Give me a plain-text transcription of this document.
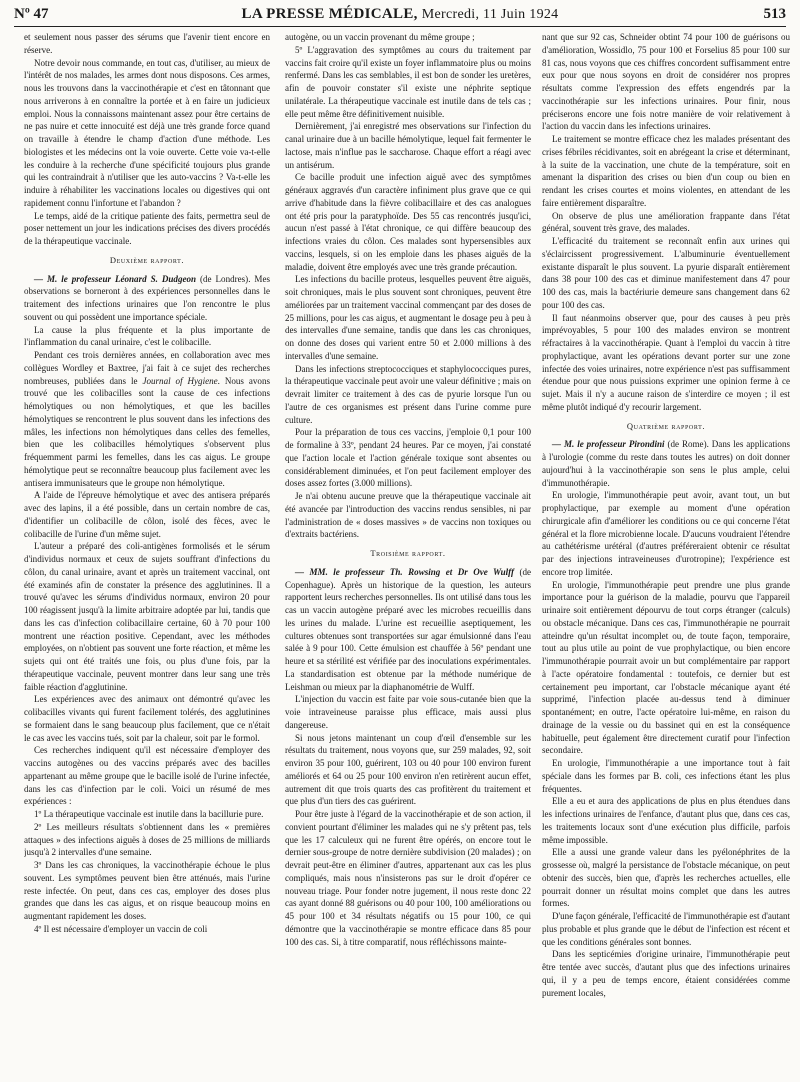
Nº 47	LA PRESSE MÉDICALE, Mercredi, 11 Juin 1924	513

et seulement nous passer des sérums que l'avenir tient encore en réserve.

Notre devoir nous commande, en tout cas, d'utiliser, au mieux de l'intérêt de nos malades, les armes dont nous disposons. Ces armes, nous les trouvons dans la vaccinothérapie et c'est en tâtonnant que nous arriverons à en connaître la portée et à en faire un judicieux emploi. Nous la connaissons maintenant assez pour être certains de ne pas nuire et cette innocuité est déjà une très grande force quand on travaille à étendre le champ d'action d'une méthode. Les biologistes et les médecins ont la voie ouverte. Cette voie va-t-elle les conduire à la recherche d'une spécificité toujours plus grande qui les contraindrait à n'utiliser que les auto-vaccins ? Va-t-elle les induire à réhabiliter les vaccinations locales ou digestives qui ont rapidement connu l'infortune et l'abandon ?

Le temps, aidé de la critique patiente des faits, permettra seul de poser nettement un jour les indications précises des divers procédés de la thérapeutique vaccinale.

Deuxième rapport.

— M. le professeur Léonard S. Dudgeon (de Londres). Mes observations se borneront à des expériences personnelles dans le traitement des infections urinaires que l'on rencontre le plus souvent ou qui possèdent une importance spéciale.

La cause la plus fréquente et la plus importante de l'inflammation du canal urinaire, c'est le colibacille.

Pendant ces trois dernières années, en collaboration avec mes collègues Wordley et Baxtree, j'ai fait à ce sujet des recherches nombreuses, publiées dans le Journal of Hygiene. Nous avons trouvé que les colibacilles sont la cause de ces infections hémolytiques ou non hémolytiques, et que les bacilles hémolytiques se rencontrent le plus souvent dans les infections des mâles, les infections non hémolytiques dans celles des femelles, bien que les colibacilles hémolytiques s'observent plus fréquemment parmi les femelles, dans les cas aigus. Le groupe hémolytique peut se reconnaître beaucoup plus facilement avec les antisera immunisateurs que le groupe non hémolytique.

A l'aide de l'épreuve hémolytique et avec des antisera préparés avec des lapins, il a été possible, dans un certain nombre de cas, d'identifier un colibacille de côlon, isolé des fèces, avec le colibacille de l'urine d'un même sujet.

L'auteur a préparé des coli-antigènes formolisés et le sérum d'individus normaux et ceux de sujets souffrant d'infections du côlon, du canal urinaire, avant et après un traitement vaccinal, ont été examinés afin de constater la présence des agglutinines. Il a trouvé qu'avec les sérums d'individus normaux, environ 20 pour 100 réagissent jusqu'à la limite arbitraire adoptée par lui, tandis que dans les cas d'infection colibacillaire certaine, 60 à 70 pour 100 montrent une réaction positive. Cependant, avec les méthodes employées, on n'obtient pas souvent une forte réaction, et même les sujets qui ont été traités une fois, ou plus d'une fois, par la thérapeutique vaccinale, peuvent montrer dans leur sang une très faible réaction d'agglutinine.

Les expériences avec des animaux ont démontré qu'avec les colibacilles vivants qui furent facilement tolérés, des agglutinines se formaient dans le sang beaucoup plus facilement, que ce n'était le cas avec les vaccins tués, soit par la chaleur, soit par le formol.

Ces recherches indiquent qu'il est nécessaire d'employer des vaccins autogènes ou des vaccins préparés avec des bacilles appartenant au même groupe que le bacille isolé de l'urine infectée, dans les cas d'infection par le coli. Voici un résumé de mes expériences :

1º La thérapeutique vaccinale est inutile dans la bacillurie pure.

2º Les meilleurs résultats s'obtiennent dans les « premières attaques » des infections aiguës à doses de 25 millions de milliards jusqu'à 2 intervalles d'une semaine.

3º Dans les cas chroniques, la vaccinothérapie échoue le plus souvent. Les symptômes peuvent bien être atténués, mais l'urine reste infectée. On peut, dans ces cas, employer des doses plus grandes que dans les cas aigus, et on risque beaucoup moins en augmentant rapidement les doses.

4º Il est nécessaire d'employer un vaccin de coli

autogène, ou un vaccin provenant du même groupe ;

5º L'aggravation des symptômes au cours du traitement par vaccins fait croire qu'il existe un foyer inflammatoire plus ou moins renfermé. Dans les cas semblables, il est bon de sonder les uretères, afin de pouvoir constater s'il existe une néphrite septique unilatérale. La thérapeutique vaccinale est inutile dans de tels cas ; elle peut même être définitivement nuisible.

Dernièrement, j'ai enregistré mes observations sur l'infection du canal urinaire due à un bacille hémolytique, lequel fait fermenter le lactose, mais n'influe pas le saccharose. Chaque effort a réagi avec un antisérum.

Ce bacille produit une infection aiguë avec des symptômes généraux aggravés d'un caractère infiniment plus grave que ce qui arrive d'habitude dans la fièvre colibacillaire et des cas analogues ont été pris pour la paratyphoïde. Des 55 cas rencontrés jusqu'ici, aucun n'est passé à l'état chronique, ce qui diffère beaucoup des infections vraies du côlon. Ces malades sont hypersensibles aux vaccins, lesquels, si on les emploie dans les phases aiguës de la maladie, doivent être employés avec une très grande précaution.

Les infections du bacille proteus, lesquelles peuvent être aiguës, soit chroniques, mais le plus souvent sont chroniques, peuvent être améliorées par un traitement vaccinal commençant par des doses de 25 millions, pour les cas aigus, et augmentant le dosage peu à peu à des intervalles d'une semaine, tandis que dans les cas chroniques, on donne des doses qui varient entre 50 et 2.000 millions à des intervalles d'une semaine.

Dans les infections streptococciques et staphylococciques pures, la thérapeutique vaccinale peut avoir une valeur définitive ; mais on devrait limiter ce traitement à des cas de pyurie lorsque l'un ou l'autre de ces organismes est présent dans l'urine comme pure culture.

Pour la préparation de tous ces vaccins, j'emploie 0,1 pour 100 de formaline à 33º, pendant 24 heures. Par ce moyen, j'ai constaté que l'action locale et l'action générale toxique sont absentes ou considérablement diminuées, et l'on peut facilement employer des doses assez fortes (3.000 millions).

Je n'ai obtenu aucune preuve que la thérapeutique vaccinale ait été avancée par l'introduction des vaccins rendus sensibles, ni par l'administration de « doses massives » de vaccins non toxiques ou d'extraits bactériens.

Troisième rapport.

— MM. le professeur Th. Rowsing et Dr Ove Wulff (de Copenhague). Après un historique de la question, les auteurs rapportent leurs recherches personnelles. Ils ont utilisé dans tous les cas un vaccin autogène préparé avec les microbes recueillis dans les urines du malade. L'urine est recueillie aseptiquement, les cultures obtenues sont transportées sur agar émulsionné dans l'eau salée à 9 pour 100. Cette émulsion est chauffée à 56º pendant une heure et sa stérilité est vérifiée par des inoculations expérimentales. La standardisation est obtenue par la méthode numérique de Leishman ou mieux par la diaphanométrie de Wulff.

L'injection du vaccin est faite par voie sous-cutanée bien que la voie intraveineuse paraisse plus efficace, mais aussi plus dangereuse.

Si nous jetons maintenant un coup d'œil d'ensemble sur les résultats du traitement, nous voyons que, sur 259 malades, 92, soit environ 35 pour 100, guérirent, 103 ou 40 pour 100 environ furent améliorés et 64 ou 25 pour 100 environ n'en retirèrent aucun effet, autrement dit que trois quarts des cas profitèrent du traitement et que plus d'un tiers des cas guérirent.

Pour être juste à l'égard de la vaccinothérapie et de son action, il convient pourtant d'éliminer les malades qui ne s'y prêtent pas, tels que les 17 calculeux qui ne furent être opérés, on encore tout le dernier sous-groupe de notre dernière subdivision (20 malades) ; on devrait peut-être en éliminer d'autres, appartenant aux cas les plus compliqués, mais nous n'insisterons pas sur le droit d'opérer ce nouveau triage. Pour fonder notre jugement, il nous reste donc 22 cas ayant donné 88 guérisons ou 40 pour 100, 100 améliorations ou 45 pour 100 et 34 résultats négatifs ou 15 pour 100, ce qui démontre que la vaccinothérapie se montre efficace dans 85 pour 100 des cas. Si, à titre comparatif, nous réfléchissons mainte-

nant que sur 92 cas, Schneider obtint 74 pour 100 de guérisons ou d'amélioration, Wossidlo, 75 pour 100 et Forselius 85 pour 100 sur 81 cas, nous voyons que ces chiffres concordent suffisamment entre eux pour que nous soyons en droit de considérer nos propres résultats comme l'expression des effets engendrés par la vaccinothérapie sur les infections urinaires. Pour finir, nous préciserons encore une fois notre manière de voir relativement à l'action du vaccin dans les infections urinaires.

Le traitement se montre efficace chez les malades présentant des crises fébriles récidivantes, soit en abrégeant la crise et déterminant, à la suite de la vaccination, une chute de la température, soit en amenant la disparition des crises ou bien d'un coup ou bien en rendant les crises courtes et moins violentes, en attendant de les faire entièrement disparaître.

On observe de plus une amélioration frappante dans l'état général, souvent très grave, des malades.

L'efficacité du traitement se reconnaît enfin aux urines qui s'éclaircissent progressivement. L'albuminurie éventuellement existante disparaît le plus souvent. La pyurie disparaît entièrement dans 38 pour 100 des cas et diminue manifestement dans 47 pour 100 des cas, mais la bactériurie demeure sans changement dans 62 pour 100 des cas.

Il faut néanmoins observer que, pour des causes à peu près imprévoyables, 5 pour 100 des malades environ se montrent réfractaires à la vaccinothérapie. Quant à l'emploi du vaccin à titre prophylactique, avant les opérations devant porter sur une zone infectée des voies urinaires, notre expérience n'est pas suffisamment étendue pour que nous puissions exprimer une opinion ferme à ce sujet. Mais il n'y a aucune raison de s'interdire ce moyen ; il est même plutôt indiqué d'y recourir largement.

Quatrième rapport.

— M. le professeur Pirondini (de Rome). Dans les applications à l'urologie (comme du reste dans toutes les autres) on doit donner aujourd'hui à la vaccinothérapie son sens le plus ample, celui d'immunothérapie.

En urologie, l'immunothérapie peut avoir, avant tout, un but prophylactique, par exemple au moment d'une opération chirurgicale afin d'améliorer les conditions ou ce qui concerne l'état général et la flore microbienne locale. D'aucuns voudraient l'étendre au cathétérisme urétéral (d'autres préféreraient obtenir ce résultat par des injections intraveineuses d'urotropine); l'expérience est encore trop limitée.

En urologie, l'immunothérapie peut prendre une plus grande importance pour la guérison de la maladie, pourvu que l'appareil urinaire soit entièrement dépourvu de tout corps étranger (calculs) ou obstacle mécanique. Dans ces cas, l'immunothérapie ne pourrait atteindre qu'un résultat incomplet ou, de toute façon, temporaire, tout au plus utile au point de vue prophylactique, ou bien encore l'immunothérapie pourrait avoir un but complémentaire par rapport à l'acte opératoire fondamental : toutefois, ce dernier but est certainement peu important, car l'obstacle mécanique ayant été supprimé, l'infection placée au-dessus tend à diminuer spontanément; en outre, l'acte opératoire lui-même, en raison du drainage de la vessie ou du bassinet qui en est la conséquence habituelle, peut également être directement curatif pour l'infection secondaire.

En urologie, l'immunothérapie a une importance tout à fait spéciale dans les formes par B. coli, ces infections étant les plus fréquentes.

Elle a eu et aura des applications de plus en plus étendues dans les infections urinaires de l'enfance, d'autant plus que, dans ces cas, les traitements locaux sont d'une exécution plus difficile, parfois même impossible.

Elle a aussi une grande valeur dans les pyélonéphrites de la grossesse où, malgré la persistance de l'obstacle mécanique, on peut obtenir des succès, bien que, d'après les recherches actuelles, elle pourrait donner un résultat moins complet que dans les autres formes.

D'une façon générale, l'efficacité de l'immunothérapie est d'autant plus probable et plus grande que le début de l'infection est récent et que les conditions générales sont bonnes.

Dans les septicémies d'origine urinaire, l'immunothérapie peut être tentée avec succès, d'autant plus que des infections urinaires qui, il y a peu de temps encore, étaient considérées comme purement locales,
